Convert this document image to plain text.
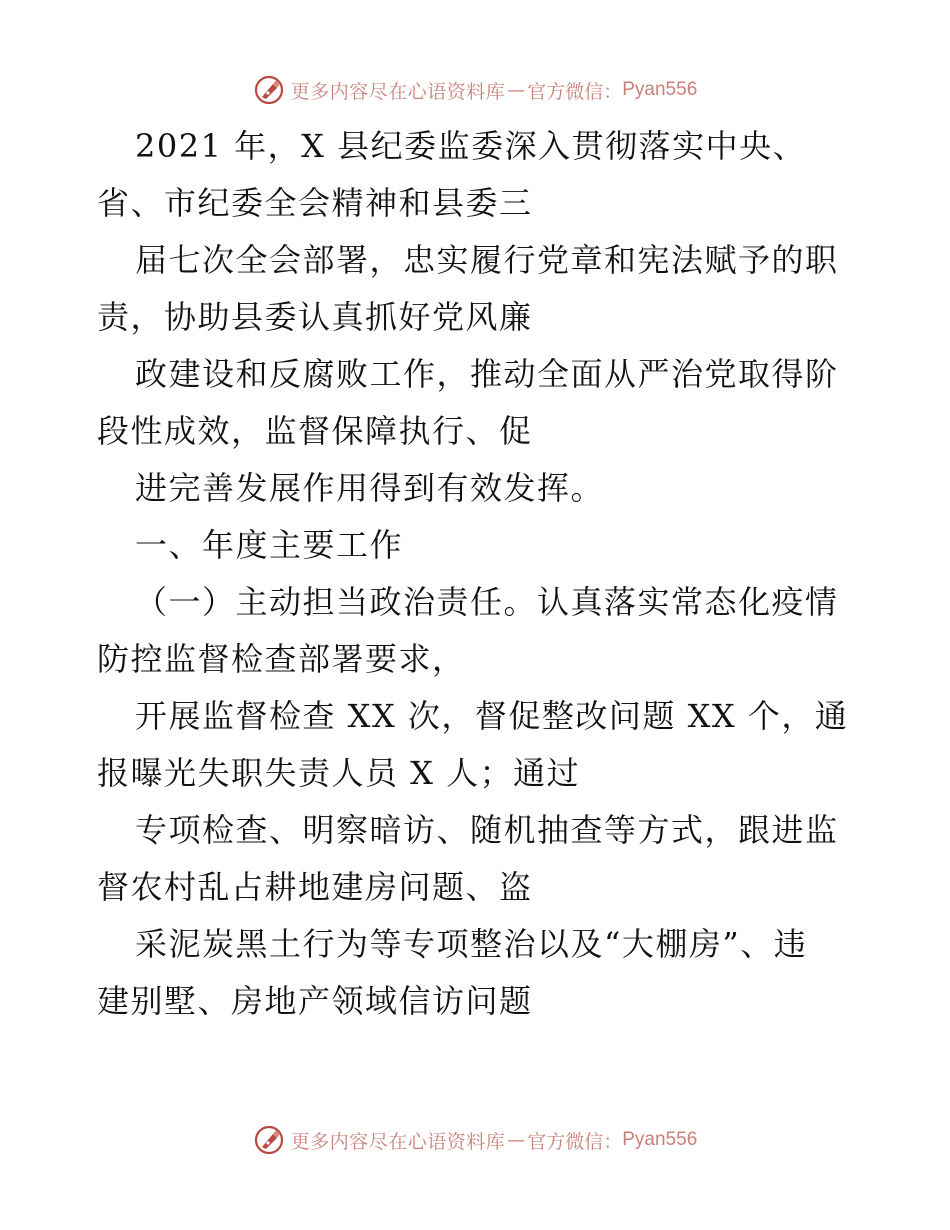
更多内容尽在心语资料库 — 官方微信： Pyan556
2021 年，X 县纪委监委深入贯彻落实中央、
省、市纪委全会精神和县委三
届七次全会部署，忠实履行党章和宪法赋予的职
责，协助县委认真抓好党风廉
政建设和反腐败工作，推动全面从严治党取得阶
段性成效，监督保障执行、促
进完善发展作用得到有效发挥。
一、年度主要工作
（一）主动担当政治责任。认真落实常态化疫情
防控监督检查部署要求，
开展监督检查 XX 次，督促整改问题 XX 个，通
报曝光失职失责人员 X 人；通过
专项检查、明察暗访、随机抽查等方式，跟进监
督农村乱占耕地建房问题、盗
采泥炭黑土行为等专项整治以及“大棚房”、违
建别墅、房地产领域信访问题
更多内容尽在心语资料库 — 官方微信： Pyan556
